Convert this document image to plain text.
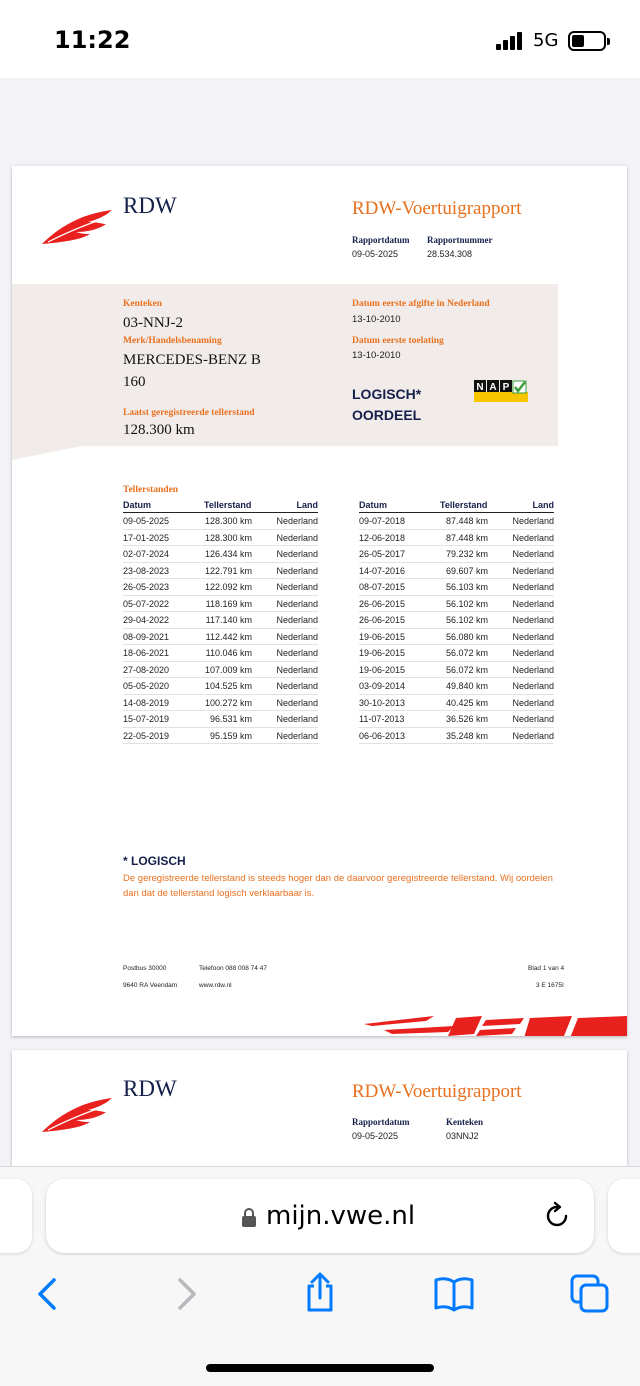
11:22	5G
RDW	RDW-Voertuigrapport
Rapportdatum
09-05-2025
Rapportnummer
28.534.308
Kenteken
03-NNJ-2
Merk/Handelsbenaming
MERCEDES-BENZ B
160
Laatst geregistreerde tellerstand
128.300 km
Datum eerste afgifte in Nederland
13-10-2010
Datum eerste toelating
13-10-2010
LOGISCH*
OORDEEL
N A P
Tellerstanden
Datum	Tellerstand	Land
09-05-2025	128.300 km	Nederland
17-01-2025	128.300 km	Nederland
02-07-2024	126.434 km	Nederland
23-08-2023	122.791 km	Nederland
26-05-2023	122.092 km	Nederland
05-07-2022	118.169 km	Nederland
29-04-2022	117.140 km	Nederland
08-09-2021	112.442 km	Nederland
18-06-2021	110.046 km	Nederland
27-08-2020	107.009 km	Nederland
05-05-2020	104.525 km	Nederland
14-08-2019	100.272 km	Nederland
15-07-2019	96.531 km	Nederland
22-05-2019	95.159 km	Nederland
Datum	Tellerstand	Land
09-07-2018	87.448 km	Nederland
12-06-2018	87.448 km	Nederland
26-05-2017	79.232 km	Nederland
14-07-2016	69.607 km	Nederland
08-07-2015	56.103 km	Nederland
26-06-2015	56.102 km	Nederland
26-06-2015	56.102 km	Nederland
19-06-2015	56.080 km	Nederland
19-06-2015	56.072 km	Nederland
19-06-2015	56.072 km	Nederland
03-09-2014	49.840 km	Nederland
30-10-2013	40.425 km	Nederland
11-07-2013	36.526 km	Nederland
06-06-2013	35.248 km	Nederland
* LOGISCH
De geregistreerde tellerstand is steeds hoger dan de daarvoor geregistreerde tellerstand. Wij oordelen dan dat de tellerstand logisch verklaarbaar is.
Postbus 30000
9640 RA Veendam
Telefoon 088 008 74 47
www.rdw.nl
Blad 1 van 4
3 E 1675I
RDW	RDW-Voertuigrapport
Rapportdatum
09-05-2025
Kenteken
03NNJ2
mijn.vwe.nl
